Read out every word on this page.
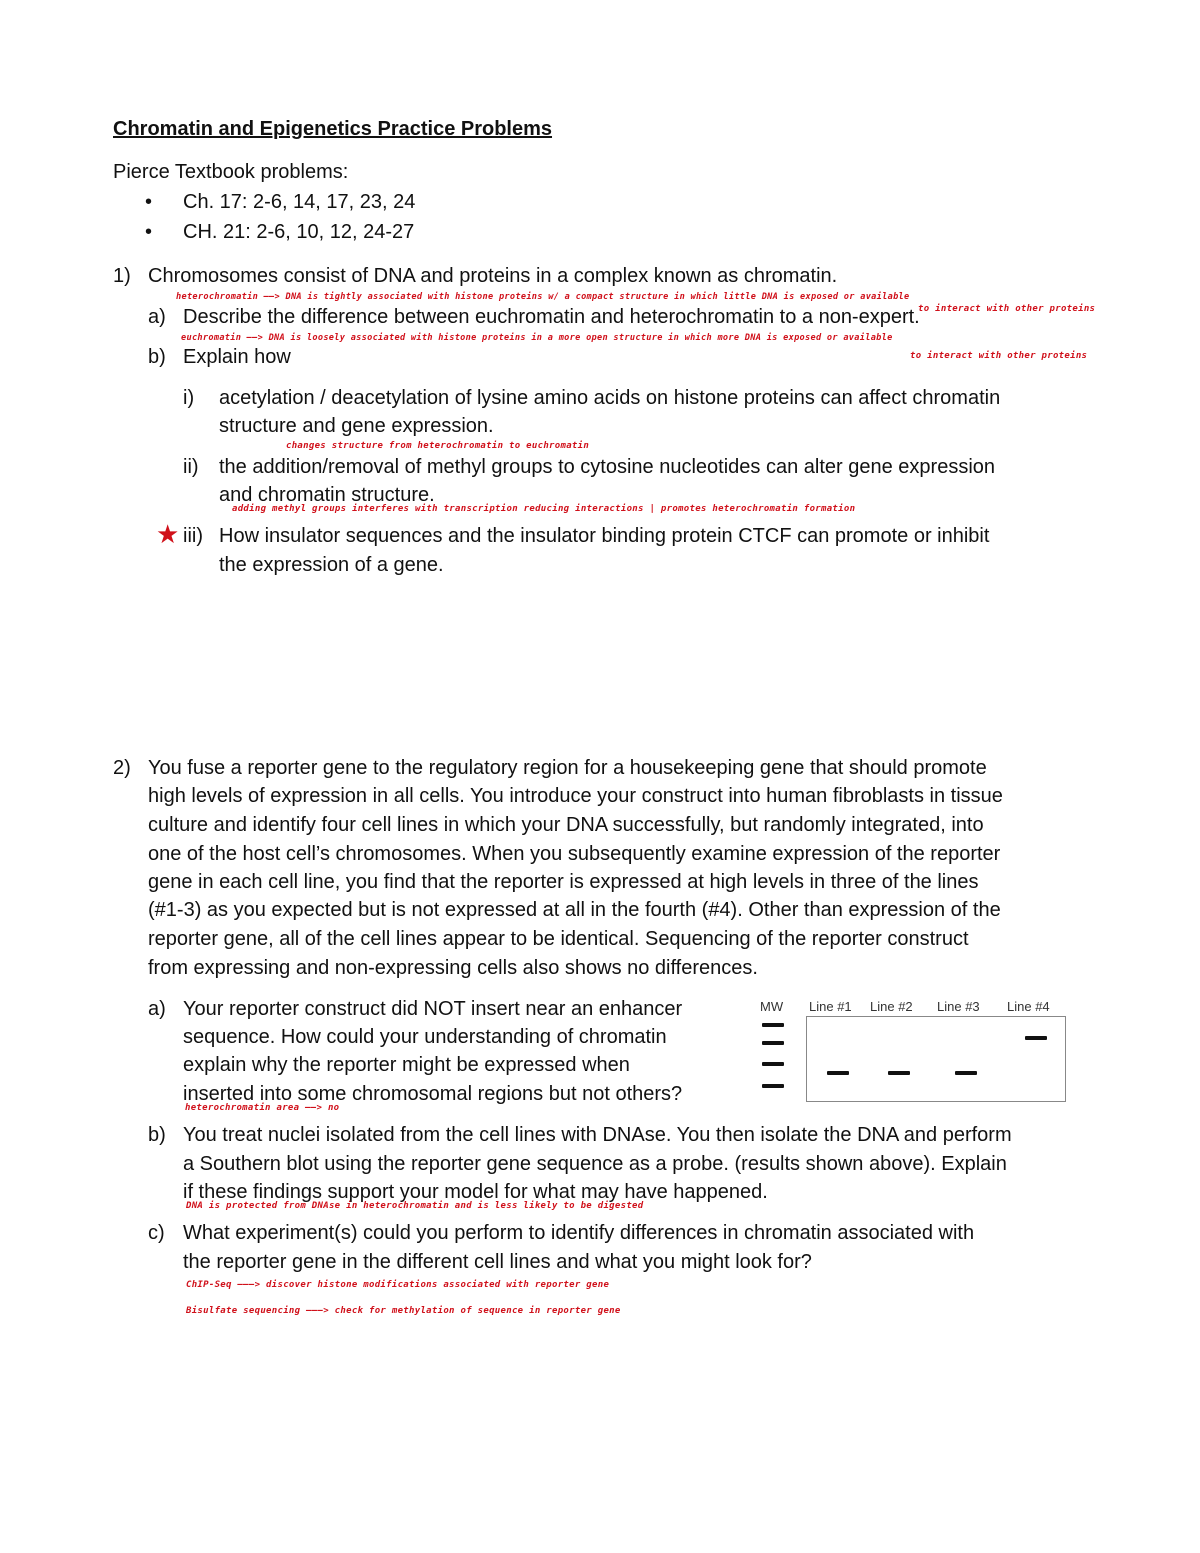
Chromatin and Epigenetics Practice Problems
Pierce Textbook problems:
• Ch. 17: 2-6, 14, 17, 23, 24
• CH. 21: 2-6, 10, 12, 24-27
1) Chromosomes consist of DNA and proteins in a complex known as chromatin.
heterochromatin ——> DNA is tightly associated with histone proteins w/ a compact structure in which little DNA is exposed or available
a) Describe the difference between euchromatin and heterochromatin to a non-expert.
to interact with other proteins
euchromatin ——> DNA is loosely associated with histone proteins in a more open structure in which more DNA is exposed or available
b) Explain how	to interact with other proteins
i) acetylation / deacetylation of lysine amino acids on histone proteins can affect chromatin
structure and gene expression.
changes structure from heterochromatin to euchromatin
ii) the addition/removal of methyl groups to cytosine nucleotides can alter gene expression
and chromatin structure.
adding methyl groups interferes with transcription reducing interactions | promotes heterochromatin formation
★ iii) How insulator sequences and the insulator binding protein CTCF can promote or inhibit
the expression of a gene.
2) You fuse a reporter gene to the regulatory region for a housekeeping gene that should promote
high levels of expression in all cells. You introduce your construct into human fibroblasts in tissue
culture and identify four cell lines in which your DNA successfully, but randomly integrated, into
one of the host cell’s chromosomes. When you subsequently examine expression of the reporter
gene in each cell line, you find that the reporter is expressed at high levels in three of the lines
(#1-3) as you expected but is not expressed at all in the fourth (#4). Other than expression of the
reporter gene, all of the cell lines appear to be identical. Sequencing of the reporter construct
from expressing and non-expressing cells also shows no differences.
a) Your reporter construct did NOT insert near an enhancer
sequence. How could your understanding of chromatin
explain why the reporter might be expressed when
inserted into some chromosomal regions but not others?
heterochromatin area ——> no
MW Line #1 Line #2 Line #3 Line #4
b) You treat nuclei isolated from the cell lines with DNAse. You then isolate the DNA and perform
a Southern blot using the reporter gene sequence as a probe. (results shown above). Explain
if these findings support your model for what may have happened.
DNA is protected from DNAse in heterochromatin and is less likely to be digested
c) What experiment(s) could you perform to identify differences in chromatin associated with
the reporter gene in the different cell lines and what you might look for?
ChIP-Seq ———> discover histone modifications associated with reporter gene
Bisulfate sequencing ———> check for methylation of sequence in reporter gene
